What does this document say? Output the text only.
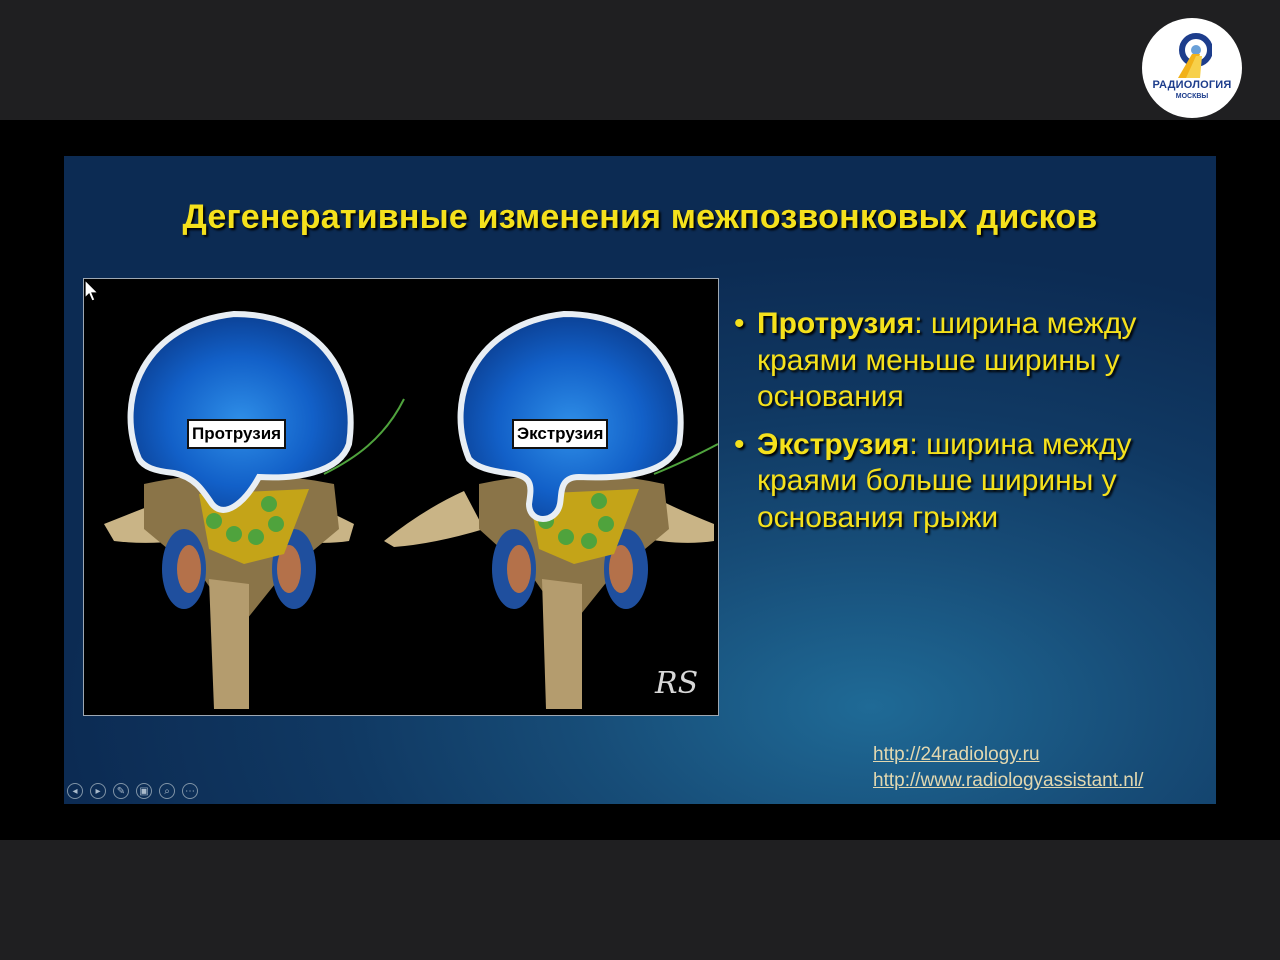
РАДИОЛОГИЯ
МОСКВЫ
Дегенеративные изменения межпозвонковых дисков
Протрузия	Экструзия
RS
• Протрузия: ширина между краями меньше ширины у основания
• Экструзия: ширина между краями больше ширины у основания грыжи
http://24radiology.ru
http://www.radiologyassistant.nl/
◂	▸	✎	▣	⌕	⋯
